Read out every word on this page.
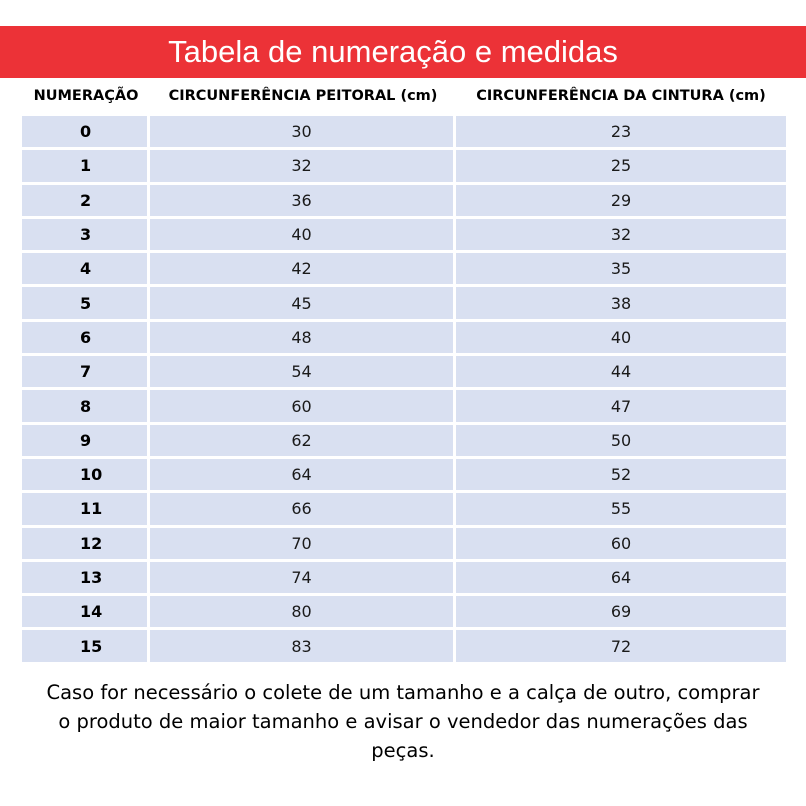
Tabela de numeração e medidas
NUMERAÇÃO	CIRCUNFERÊNCIA PEITORAL (cm)	CIRCUNFERÊNCIA DA CINTURA (cm)
0	30	23
1	32	25
2	36	29
3	40	32
4	42	35
5	45	38
6	48	40
7	54	44
8	60	47
9	62	50
10	64	52
11	66	55
12	70	60
13	74	64
14	80	69
15	83	72
Caso for necessário o colete de um tamanho e a calça de outro, comprar o produto de maior tamanho e avisar o vendedor das numerações das peças.
